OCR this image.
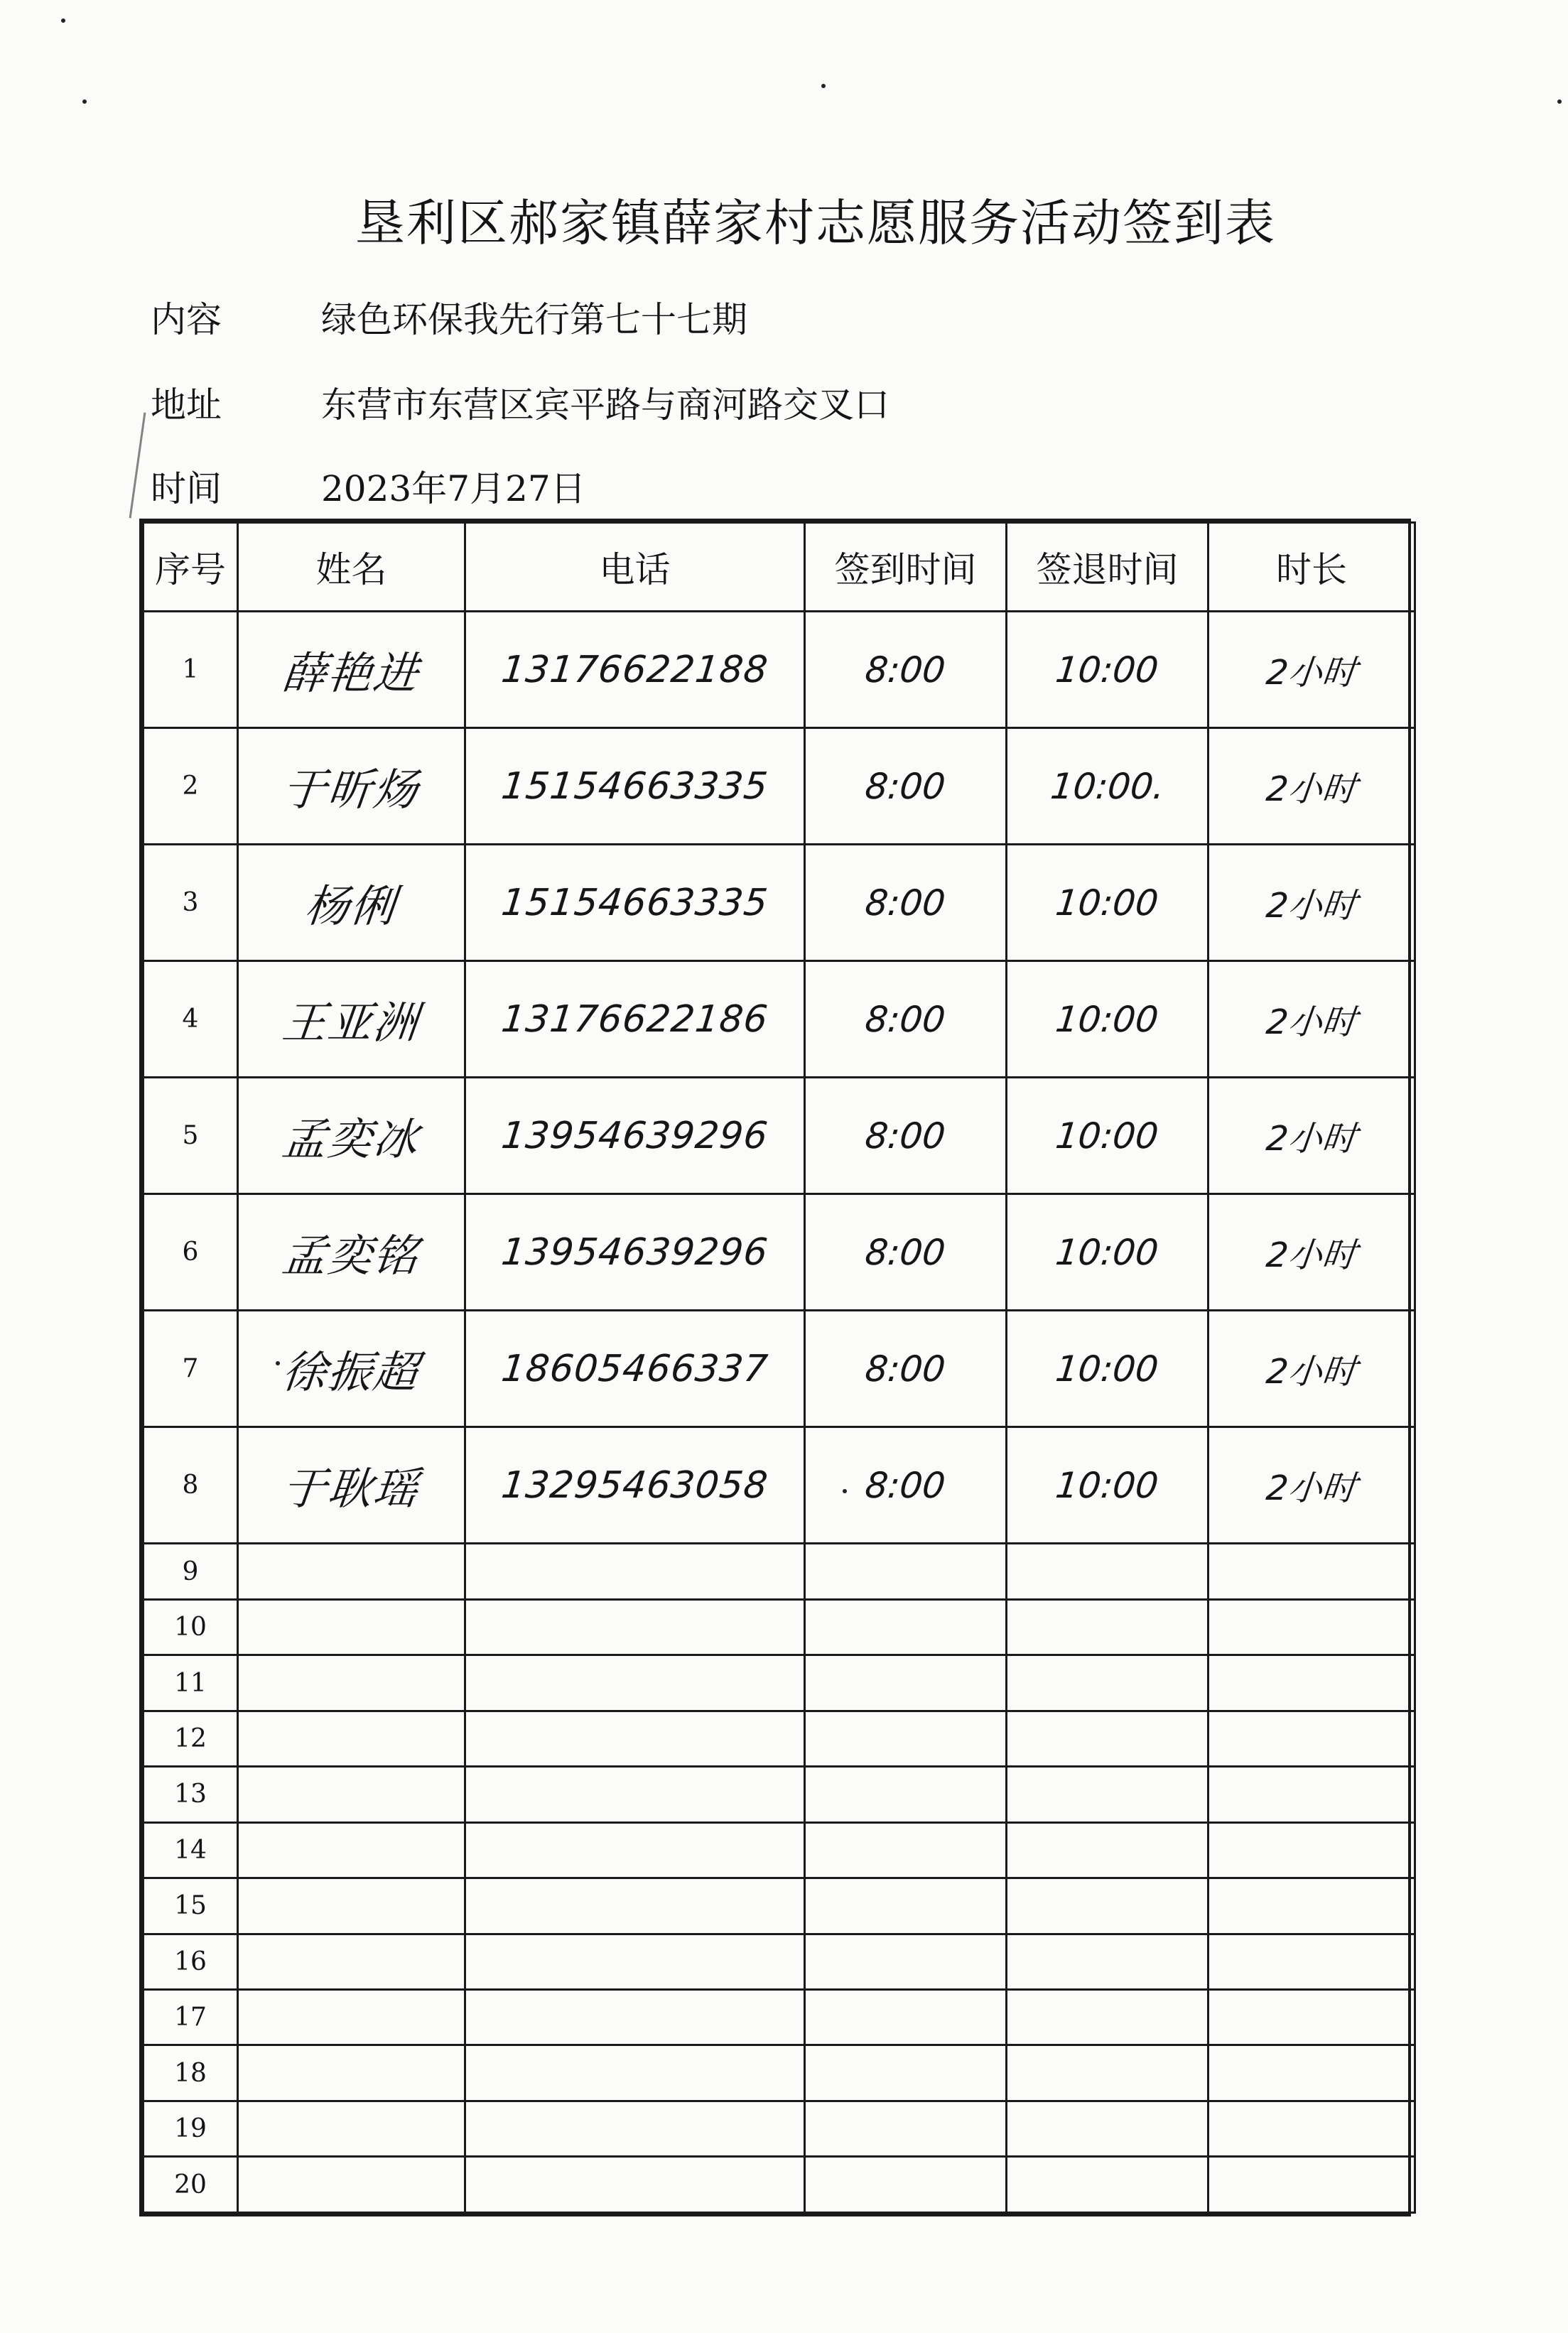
垦利区郝家镇薛家村志愿服务活动签到表
内容	绿色环保我先行第七十七期
地址	东营市东营区宾平路与商河路交叉口
时间	2023年7月27日
序号	姓名	电话	签到时间	签退时间	时长
1	薛艳进	13176622188	8:00	10:00	2小时
2	于昕炀	15154663335	8:00	10:00.	2小时
3	杨俐	15154663335	8:00	10:00	2小时
4	王亚洲	13176622186	8:00	10:00	2小时
5	孟奕冰	13954639296	8:00	10:00	2小时
6	孟奕铭	13954639296	8:00	10:00	2小时
7	徐振超	18605466337	8:00	10:00	2小时
8	于耿瑶	13295463058	8:00	10:00	2小时
9					
10					
11					
12					
13					
14					
15					
16					
17					
18					
19					
20					
